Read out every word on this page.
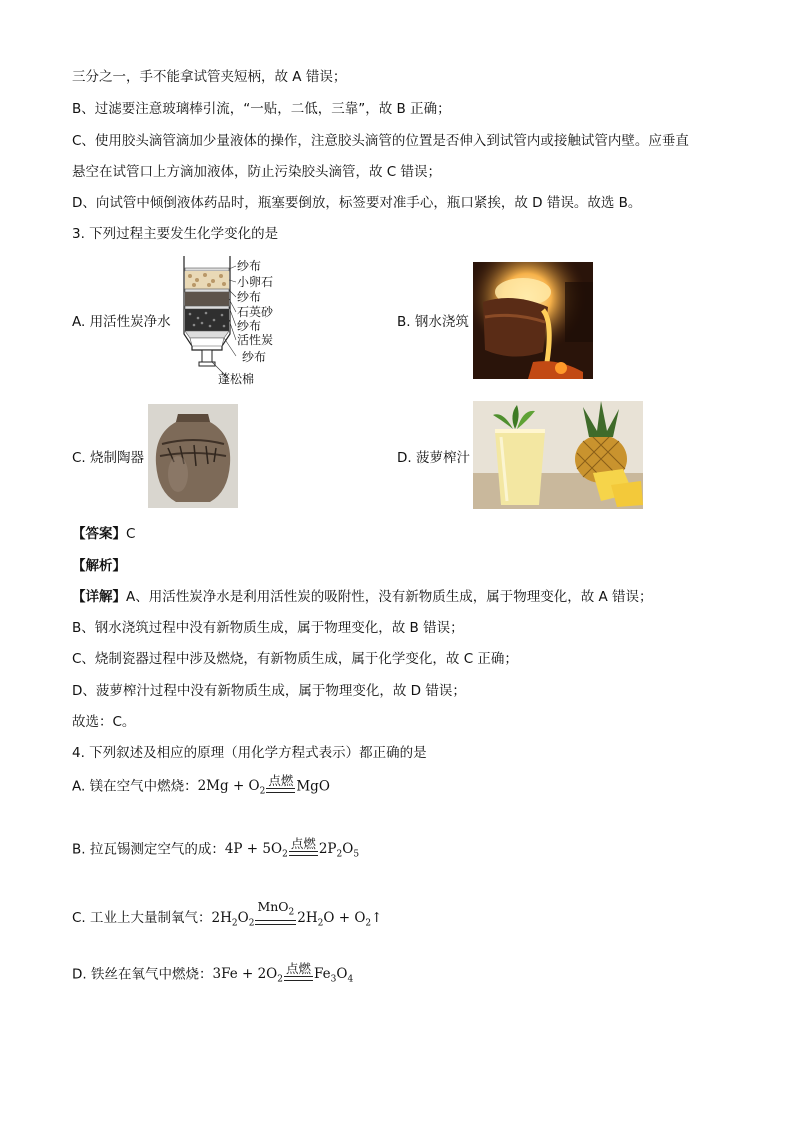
三分之一，手不能拿试管夹短柄，故 A 错误；
B、过滤要注意玻璃棒引流，“一贴，二低，三靠”，故 B 正确；
C、使用胶头滴管滴加少量液体的操作，注意胶头滴管的位置是否伸入到试管内或接触试管内壁。应垂直
悬空在试管口上方滴加液体，防止污染胶头滴管，故 C 错误；
D、向试管中倾倒液体药品时，瓶塞要倒放，标签要对准手心，瓶口紧挨，故 D 错误。故选 B。
3. 下列过程主要发生化学变化的是
A. 用活性炭净水
纱布
小卵石
纱布
石英砂
纱布
活性炭
纱布
蓬松棉
B. 钢水浇筑
C. 烧制陶器	D. 菠萝榨汁
【答案】C
【解析】
【详解】A、用活性炭净水是利用活性炭的吸附性，没有新物质生成，属于物理变化，故 A 错误；
B、钢水浇筑过程中没有新物质生成，属于物理变化，故 B 错误；
C、烧制瓷器过程中涉及燃烧，有新物质生成，属于化学变化，故 C 正确；
D、菠萝榨汁过程中没有新物质生成，属于物理变化，故 D 错误；
故选：C。
4. 下列叙述及相应的原理（用化学方程式表示）都正确的是
A. 镁在空气中燃烧：$2Mg + O_2$
点燃 MgO
B. 拉瓦锡测定空气的成：$4P + 5O_2$
点燃 $2P_2O_5$
C. 工业上大量制氧气：$2H_2O_2$
MnO$_2$ $2H_2O$ + $O_2↑$
D. 铁丝在氧气中燃烧：$3Fe + 2O_2$
点燃 $Fe_3O_4$
